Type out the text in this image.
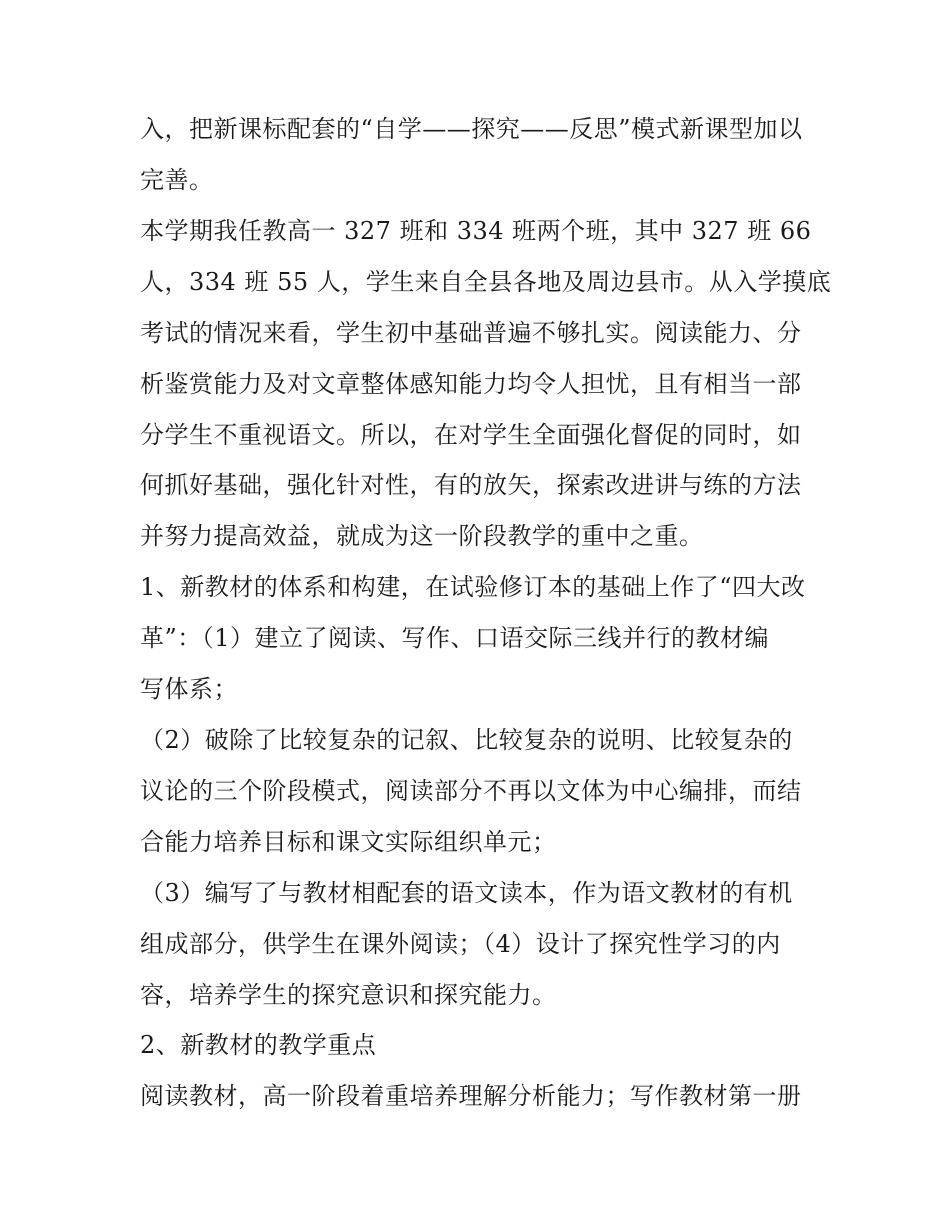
入，把新课标配套的“自学——探究——反思”模式新课型加以
完善。
本学期我任教高一 327 班和 334 班两个班，其中 327 班 66
人，334 班 55 人，学生来自全县各地及周边县市。从入学摸底
考试的情况来看，学生初中基础普遍不够扎实。阅读能力、分
析鉴赏能力及对文章整体感知能力均令人担忧，且有相当一部
分学生不重视语文。所以，在对学生全面强化督促的同时，如
何抓好基础，强化针对性，有的放矢，探索改进讲与练的方法
并努力提高效益，就成为这一阶段教学的重中之重。
1、新教材的体系和构建，在试验修订本的基础上作了“四大改
革”：（1）建立了阅读、写作、口语交际三线并行的教材编
写体系；
（2）破除了比较复杂的记叙、比较复杂的说明、比较复杂的
议论的三个阶段模式，阅读部分不再以文体为中心编排，而结
合能力培养目标和课文实际组织单元；
（3）编写了与教材相配套的语文读本，作为语文教材的有机
组成部分，供学生在课外阅读；（4）设计了探究性学习的内
容，培养学生的探究意识和探究能力。
2、新教材的教学重点
阅读教材，高一阶段着重培养理解分析能力；写作教材第一册
